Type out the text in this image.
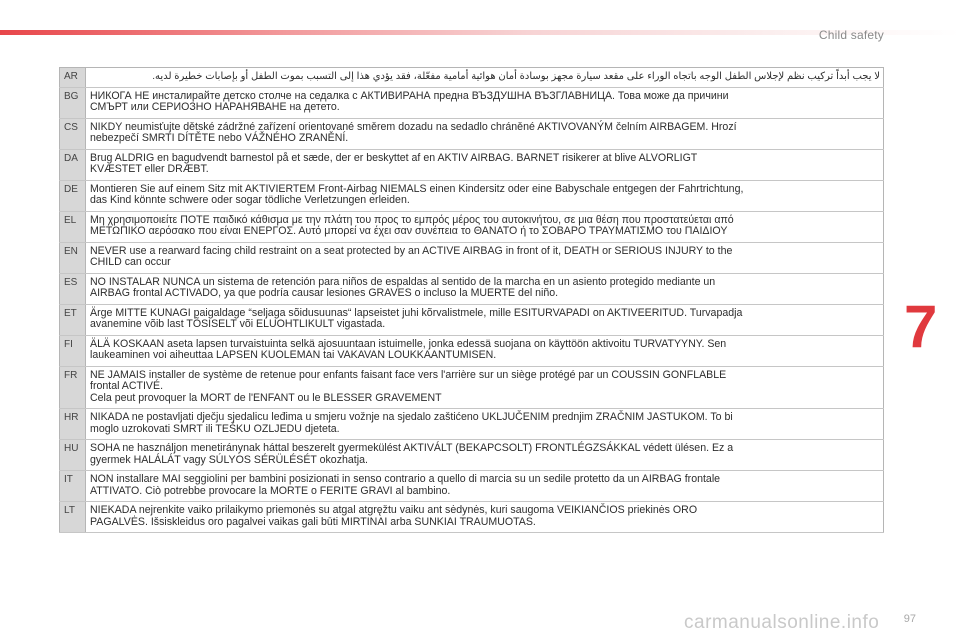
Child safety
AR	لا يجب أبداً تركيب نظم لإجلاس الطفل الوجه باتجاه الوراء على مقعد سيارة مجهز بوسادة أمان هوائية أمامية مفعّلة، فقد يؤدي هذا إلى التسبب بموت الطفل أو بإصابات خطيرة لديه.

BG	НИКОГА НЕ инсталирайте детско столче на седалка с АКТИВИРАНА предна ВЪЗДУШНА ВЪЗГЛАВНИЦА. Това може да причини
СМЪРТ или СЕРИОЗНО НАРАНЯВАНЕ на детето.

CS	NIKDY neumisťujte dětské zádržné zařízení orientované směrem dozadu na sedadlo chráněné AKTIVOVANÝM čelním AIRBAGEM. Hrozí
nebezpečí SMRTI DÍTĚTE nebo VÁŽNÉHO ZRANĚNÍ.

DA	Brug ALDRIG en bagudvendt barnestol på et sæde, der er beskyttet af en AKTIV AIRBAG. BARNET risikerer at blive ALVORLIGT
KVÆSTET eller DRÆBT.

DE	Montieren Sie auf einem Sitz mit AKTIVIERTEM Front-Airbag NIEMALS einen Kindersitz oder eine Babyschale entgegen der Fahrtrichtung,
das Kind könnte schwere oder sogar tödliche Verletzungen erleiden.

EL	Μη χρησιμοποιείτε ΠΟΤΕ παιδικό κάθισμα με την πλάτη του προς το εμπρός μέρος του αυτοκινήτου, σε μια θέση που προστατεύεται από
ΜΕΤΩΠΙΚΟ αερόσακο που είναι ΕΝΕΡΓΟΣ. Αυτό μπορεί να έχει σαν συνέπεια το ΘΑΝΑΤΟ ή το ΣΟΒΑΡΟ ΤΡΑΥΜΑΤΙΣΜΟ του ΠΑΙΔΙΟΥ

EN	NEVER use a rearward facing child restraint on a seat protected by an ACTIVE AIRBAG in front of it, DEATH or SERIOUS INJURY to the
CHILD can occur

ES	NO INSTALAR NUNCA un sistema de retención para niños de espaldas al sentido de la marcha en un asiento protegido mediante un
AIRBAG frontal ACTIVADO, ya que podría causar lesiones GRAVES o incluso la MUERTE del niño.

ET	Ärge MITTE KUNAGI paigaldage “seljaga sõidusuunas“ lapseistet juhi kõrvalistmele, mille ESITURVAPADI on AKTIVEERITUD. Turvapadja
avanemine võib last TÕSISELT või ELUOHTLIKULT vigastada.

FI	ÄLÄ KOSKAAN aseta lapsen turvaistuinta selkä ajosuuntaan istuimelle, jonka edessä suojana on käyttöön aktivoitu TURVATYYNY. Sen
laukeaminen voi aiheuttaa LAPSEN KUOLEMAN tai VAKAVAN LOUKKAANTUMISEN.

FR	NE JAMAIS installer de système de retenue pour enfants faisant face vers l'arrière sur un siège protégé par un COUSSIN GONFLABLE
frontal ACTIVÉ.
Cela peut provoquer la MORT de l'ENFANT ou le BLESSER GRAVEMENT

HR	NIKADA ne postavljati dječju sjedalicu leđima u smjeru vožnje na sjedalo zaštićeno UKLJUČENIM prednjim ZRAČNIM JASTUKOM. To bi
moglo uzrokovati SMRT ili TEŠKU OZLJEDU djeteta.

HU	SOHA ne használjon menetiránynak háttal beszerelt gyermekülést AKTIVÁLT (BEKAPCSOLT) FRONTLÉGZSÁKKAL védett ülésen. Ez a
gyermek HALÁLÁT vagy SÚLYOS SÉRÜLÉSÉT okozhatja.

IT	NON installare MAI seggiolini per bambini posizionati in senso contrario a quello di marcia su un sedile protetto da un AIRBAG frontale
ATTIVATO. Ciò potrebbe provocare la MORTE o FERITE GRAVI al bambino.

LT	NIEKADA nejrenkite vaiko prilaikymo priemonės su atgal atgręžtu vaiku ant sėdynės, kuri saugoma VEIKIANČIOS priekinės ORO
PAGALVĖS. Išsiskleidus oro pagalvei vaikas gali būti MIRTINAI arba SUNKIAI TRAUMUOTAS.
7
carmanualsonline.info 97
